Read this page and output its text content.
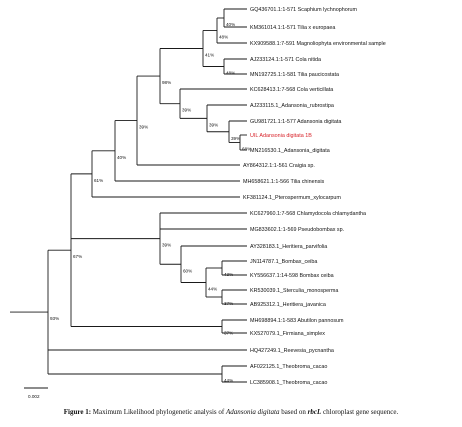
40%
48%
48%
41%
68%
39%
39%
39%
98%
39%
40%
61%
43%
37%
44%
60%
39%
37%
67%
44%
93%
GQ436701.1:1-571 Scaphium lychnophorum
KM361014.1:1-571 Tilia x europaea
KX909588.1:7-591 Magnoliophyta environmental sample
AJ233124.1:1-571 Cola nitida
MN192725.1:1-581 Tilia paucicostata
KC628413.1:7-568 Cola verticillata
AJ233115.1_Adansonia_rubrostipa
GU981721.1:1-577 Adansonia digitata
UIL Adansonia digitata 1B
MN216530.1_Adansonia_digitata
AY864312.1:1-561 Craigia sp.
MH658621.1:1-566 Tilia chinensis
KF381124.1_Pterospermum_xylocarpum
KC627960.1:7-568 Chlamydocola chlamydantha
MG833602.1:1-569 Pseudobombax sp.
AY328183.1_Heritiera_parvifolia
JN114787.1_Bombax_ceiba
KY556637.1:14-598 Bombax ceiba
KR530039.1_Sterculia_monosperma
AB925312.1_Heritiera_javanica
MH698894.1:1-583 Abutilon pannosum
KX527079.1_Firmiana_simplex
HQ427249.1_Reevesia_pycnantha
AF022125.1_Theobroma_cacao
LC385908.1_Theobroma_cacao
0.002
Figure 1: Maximum Likelihood phylogenetic analysis of Adansonia digitata based on rbcL chloroplast gene sequence.
